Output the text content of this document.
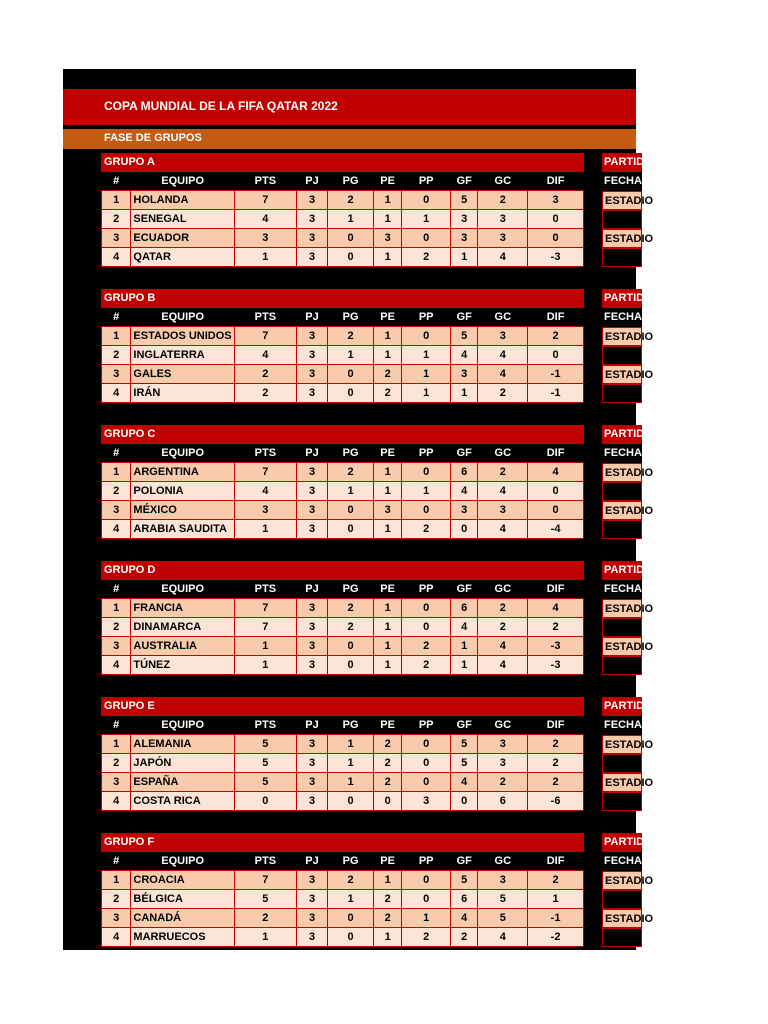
COPA MUNDIAL DE LA FIFA QATAR 2022
FASE DE GRUPOS
GRUPO A
#	EQUIPO	PTS	PJ	PG	PE	PP	GF	GC	DIF
1	HOLANDA	7	3	2	1	0	5	2	3
2	SENEGAL	4	3	1	1	1	3	3	0
3	ECUADOR	3	3	0	3	0	3	3	0
4	QATAR	1	3	0	1	2	1	4	-3
PARTIDOS
FECHA
ESTADIO
ESTADIO
GRUPO B
#	EQUIPO	PTS	PJ	PG	PE	PP	GF	GC	DIF
1	ESTADOS UNIDOS	7	3	2	1	0	5	3	2
2	INGLATERRA	4	3	1	1	1	4	4	0
3	GALES	2	3	0	2	1	3	4	-1
4	IRÁN	2	3	0	2	1	1	2	-1
PARTIDOS
FECHA
ESTADIO
ESTADIO
GRUPO C
#	EQUIPO	PTS	PJ	PG	PE	PP	GF	GC	DIF
1	ARGENTINA	7	3	2	1	0	6	2	4
2	POLONIA	4	3	1	1	1	4	4	0
3	MÉXICO	3	3	0	3	0	3	3	0
4	ARABIA SAUDITA	1	3	0	1	2	0	4	-4
PARTIDOS
FECHA
ESTADIO
ESTADIO
GRUPO D
#	EQUIPO	PTS	PJ	PG	PE	PP	GF	GC	DIF
1	FRANCIA	7	3	2	1	0	6	2	4
2	DINAMARCA	7	3	2	1	0	4	2	2
3	AUSTRALIA	1	3	0	1	2	1	4	-3
4	TÚNEZ	1	3	0	1	2	1	4	-3
PARTIDOS
FECHA
ESTADIO
ESTADIO
GRUPO E
#	EQUIPO	PTS	PJ	PG	PE	PP	GF	GC	DIF
1	ALEMANIA	5	3	1	2	0	5	3	2
2	JAPÓN	5	3	1	2	0	5	3	2
3	ESPAÑA	5	3	1	2	0	4	2	2
4	COSTA RICA	0	3	0	0	3	0	6	-6
PARTIDOS
FECHA
ESTADIO
ESTADIO
GRUPO F
#	EQUIPO	PTS	PJ	PG	PE	PP	GF	GC	DIF
1	CROACIA	7	3	2	1	0	5	3	2
2	BÉLGICA	5	3	1	2	0	6	5	1
3	CANADÁ	2	3	0	2	1	4	5	-1
4	MARRUECOS	1	3	0	1	2	2	4	-2
PARTIDOS
FECHA
ESTADIO
ESTADIO
